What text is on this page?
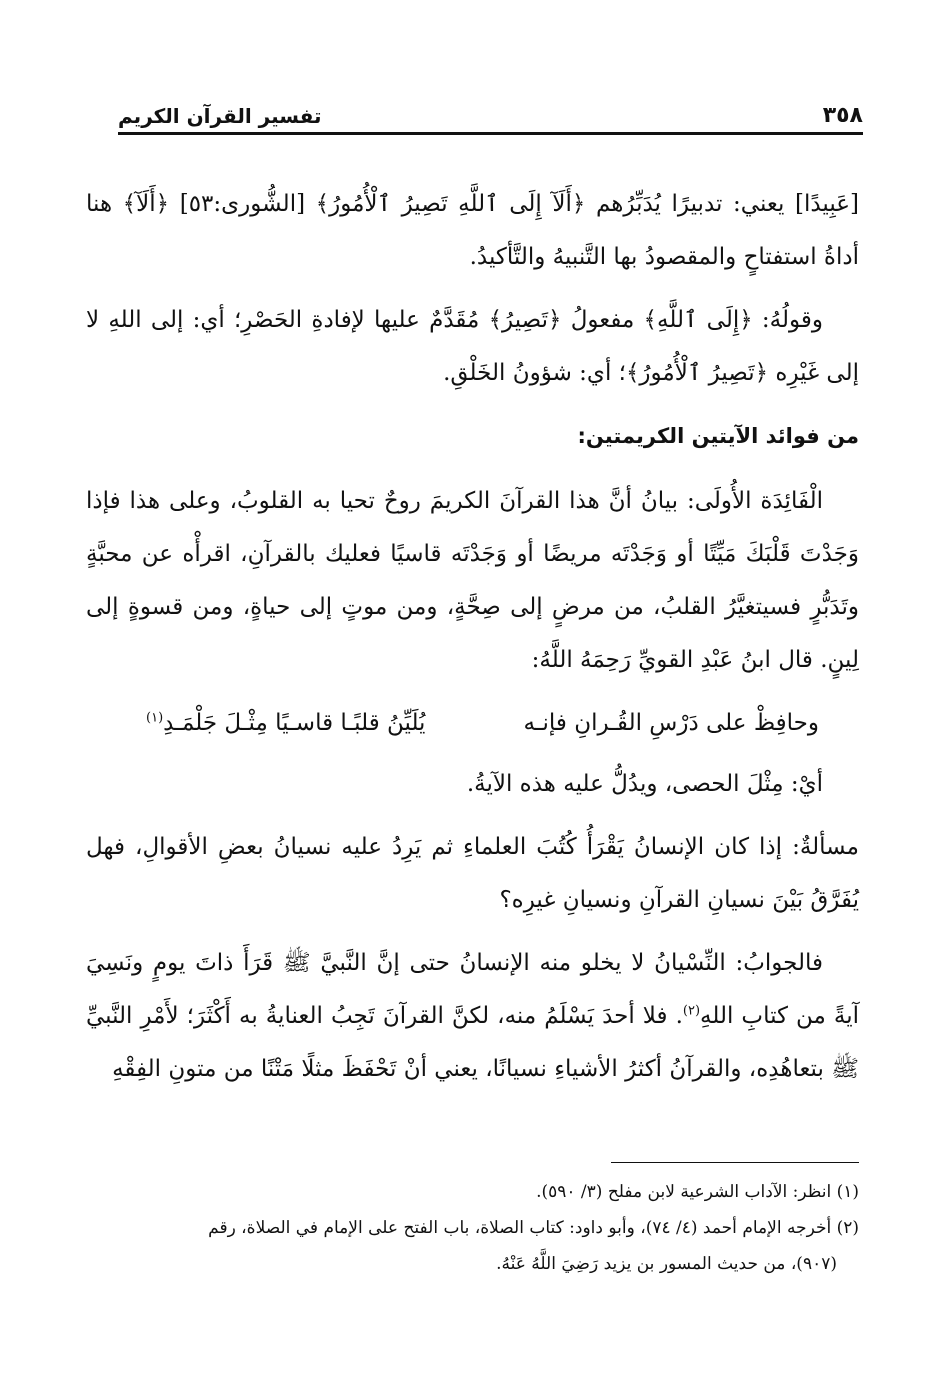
٣٥٨
تفسير القرآن الكريم

[عَبِيدًا] يعني: تدبيرًا يُدَبِّرُهم ﴿أَلَآ إِلَى ٱللَّهِ تَصِيرُ ٱلْأُمُورُ﴾ [الشُّورى:٥٣] ﴿أَلَآ﴾ هنا أداةُ استفتاحٍ والمقصودُ بها التَّنبيهُ والتَّأكيدُ.

وقولُهُ: ﴿إِلَى ٱللَّهِ﴾ مفعولُ ﴿تَصِيرُ﴾ مُقَدَّمٌ عليها لإفادةِ الحَصْرِ؛ أي: إلى اللهِ لا إلى غَيْرِه ﴿تَصِيرُ ٱلْأُمُورُ﴾؛ أي: شؤونُ الخَلْقِ.

من فوائد الآيتين الكريمتين:

الْفَائِدَة الأُولَى: بيانُ أنَّ هذا القرآنَ الكريمَ روحٌ تحيا به القلوبُ، وعلى هذا فإذا وَجَدْتَ قَلْبَكَ مَيِّتًا أو وَجَدْتَه مريضًا أو وَجَدْتَه قاسيًا فعليك بالقرآنِ، اقرأْه عن محبَّةٍ وتَدَبُّرٍ فسيتغيَّرُ القلبُ، من مرضٍ إلى صِحَّةٍ، ومن موتٍ إلى حياةٍ، ومن قسوةٍ إلى لِينٍ. قال ابنُ عَبْدِ القويِّ رَحِمَهُ اللَّهُ:

وحافِظْ على دَرْسِ القُـرانِ فإنـه
يُلَيِّنُ قلبًـا قاسـيًا مِثْـلَ جَلْمَـدِ$^{(١)}$

أيْ: مِثْلَ الحصى، ويدُلُّ عليه هذه الآيةُ.

مسألةٌ: إذا كان الإنسانُ يَقْرَأُ كُتُبَ العلماءِ ثم يَرِدُ عليه نسيانُ بعضِ الأقوالِ، فهل يُفَرَّقُ بَيْنَ نسيانِ القرآنِ ونسيانِ غيرِه؟

فالجوابُ: النِّسْيانُ لا يخلو منه الإنسانُ حتى إنَّ النَّبيَّ ﷺ قَرَأَ ذاتَ يومٍ ونَسِيَ آيةً من كتابِ اللهِ$^{(٢)}$. فلا أحدَ يَسْلَمُ منه، لكنَّ القرآنَ تَجِبُ العنايةُ به أَكْثَرَ؛ لأَمْرِ النَّبيِّ ﷺ بتعاهُدِه، والقرآنُ أكثرُ الأشياءِ نسيانًا، يعني أنْ تَحْفَظَ مثلًا مَتْنًا من متونِ الفِقْهِ

(١) انظر: الآداب الشرعية لابن مفلح (٣/ ٥٩٠).

(٢) أخرجه الإمام أحمد (٤/ ٧٤)، وأبو داود: كتاب الصلاة، باب الفتح على الإمام في الصلاة، رقم

(٩٠٧)، من حديث المسور بن يزيد رَضِيَ اللَّهُ عَنْهُ.
